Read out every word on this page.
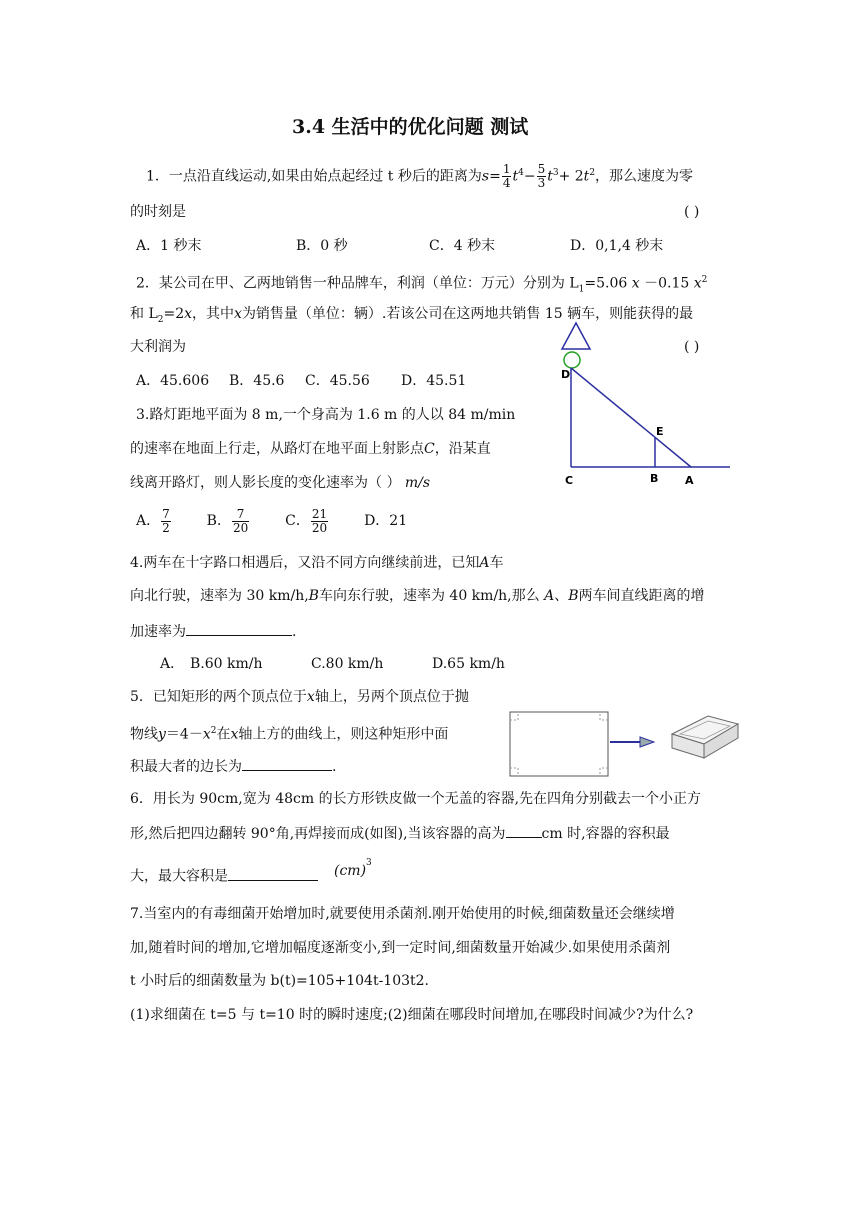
3.4 生活中的优化问题 测试
1．一点沿直线运动,如果由始点起经过 t 秒后的距离为$s= \frac{1}{4} t^4- \frac{5}{3} t^3+ 2t^2$，那么速度为零
的时刻是	( )
A．1 秒末	B．0 秒	C．4 秒末	D．0,1,4 秒末
2．某公司在甲、乙两地销售一种品牌车，利润（单位：万元）分别为 $L_1=5.06$ x －0.15 $x^2$
和 $L_2=2x$，其中x为销售量（单位：辆）.若该公司在这两地共销售 15 辆车，则能获得的最
大利润为	( )
A．45.606 B．45.6 C．45.56 D．45.51	D
E
C	B A
3.路灯距地平面为 8 m,一个身高为 1.6 m 的人以 84 m/min
的速率在地面上行走，从路灯在地平面上射影点C，沿某直
线离开路灯，则人影长度的变化速率为（ ） m/s
A． $\frac{7}{2}$	B． $\frac{7}{20}$	C． $\frac{21}{20}$	D．21
4.两车在十字路口相遇后，又沿不同方向继续前进，已知A车
向北行驶，速率为 30 km/h,B车向东行驶，速率为 40 km/h,那么 A、B两车间直线距离的增
加速率为	.
A． B.60 km/h	C.80 km/h	D.65 km/h
5．已知矩形的两个顶点位于x轴上，另两个顶点位于抛
物线$y=4-x^2$在x轴上方的曲线上，则这种矩形中面
积最大者的边长为	.
6．用长为 90cm,宽为 48cm 的长方形铁皮做一个无盖的容器,先在四角分别截去一个小正方
形,然后把四边翻转 90°角,再焊接而成(如图),当该容器的高为	cm 时,容器的容积最
大，最大容积是	(cm)$^3$
7.当室内的有毒细菌开始增加时,就要使用杀菌剂.刚开始使用的时候,细菌数量还会继续增
加,随着时间的增加,它增加幅度逐渐变小,到一定时间,细菌数量开始减少.如果使用杀菌剂
t 小时后的细菌数量为 b(t)=105+104t-103t2.
(1)求细菌在 t=5 与 t=10 时的瞬时速度;(2)细菌在哪段时间增加,在哪段时间减少?为什么?
